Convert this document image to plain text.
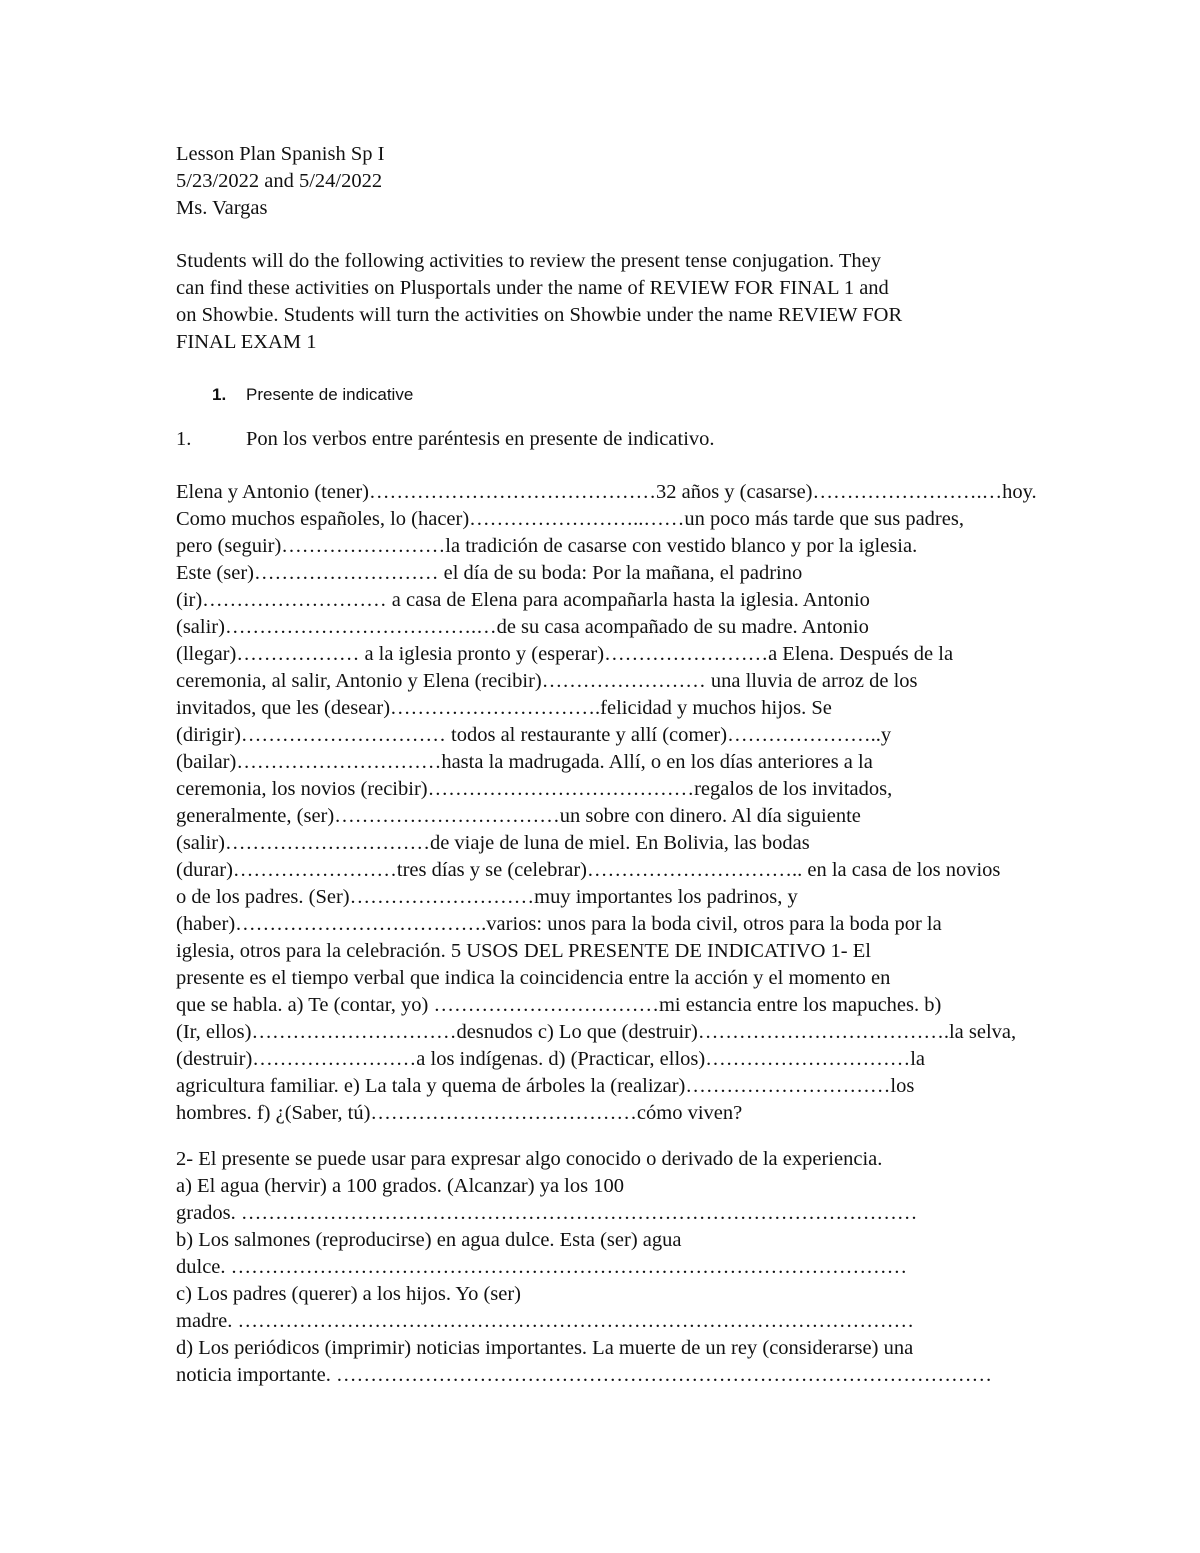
Lesson Plan Spanish Sp I
5/23/2022 and 5/24/2022
Ms. Vargas
Students will do the following activities to review the present tense conjugation. They
can find these activities on Plusportals under the name of REVIEW FOR FINAL 1 and
on Showbie. Students will turn the activities on Showbie under the name REVIEW FOR
FINAL EXAM 1
1.	Presente de indicative
1.	Pon los verbos entre paréntesis en presente de indicativo.
Elena y Antonio (tener)……………………………………32 años y (casarse)…………………….…hoy.
Como muchos españoles, lo (hacer)……………………..……un poco más tarde que sus padres,
pero (seguir)……………………la tradición de casarse con vestido blanco y por la iglesia.
Este (ser)……………………… el día de su boda: Por la mañana, el padrino
(ir)……………………… a casa de Elena para acompañarla hasta la iglesia. Antonio
(salir)……………………………….…de su casa acompañado de su madre. Antonio
(llegar)……………… a la iglesia pronto y (esperar)……………………a Elena. Después de la
ceremonia, al salir, Antonio y Elena (recibir)…………………… una lluvia de arroz de los
invitados, que les (desear)………………………….felicidad y muchos hijos. Se
(dirigir)………………………… todos al restaurante y allí (comer)…………………..y
(bailar)…………………………hasta la madrugada. Allí, o en los días anteriores a la
ceremonia, los novios (recibir)…………………………………regalos de los invitados,
generalmente, (ser)……………………………un sobre con dinero. Al día siguiente
(salir)…………………………de viaje de luna de miel. En Bolivia, las bodas
(durar)……………………tres días y se (celebrar)………………………….. en la casa de los novios
o de los padres. (Ser)………………………muy importantes los padrinos, y
(haber)……………………………….varios: unos para la boda civil, otros para la boda por la
iglesia, otros para la celebración. 5 USOS DEL PRESENTE DE INDICATIVO 1- El
presente es el tiempo verbal que indica la coincidencia entre la acción y el momento en
que se habla. a) Te (contar, yo) ……………………………mi estancia entre los mapuches. b)
(Ir, ellos)…………………………desnudos c) Lo que (destruir)……………………………….la selva,
(destruir)……………………a los indígenas. d) (Practicar, ellos)…………………………la
agricultura familiar. e) La tala y quema de árboles la (realizar)…………………………los
hombres. f) ¿(Saber, tú)…………………………………cómo viven?
2- El presente se puede usar para expresar algo conocido o derivado de la experiencia.
a) El agua (hervir) a 100 grados. (Alcanzar) ya los 100
grados. ………………………………………………………………………………………
b) Los salmones (reproducirse) en agua dulce. Esta (ser) agua
dulce. ………………………………………………………………………………………
c) Los padres (querer) a los hijos. Yo (ser)
madre. ………………………………………………………………………………………
d) Los periódicos (imprimir) noticias importantes. La muerte de un rey (considerarse) una
noticia importante. ……………………………………………………………………………………
